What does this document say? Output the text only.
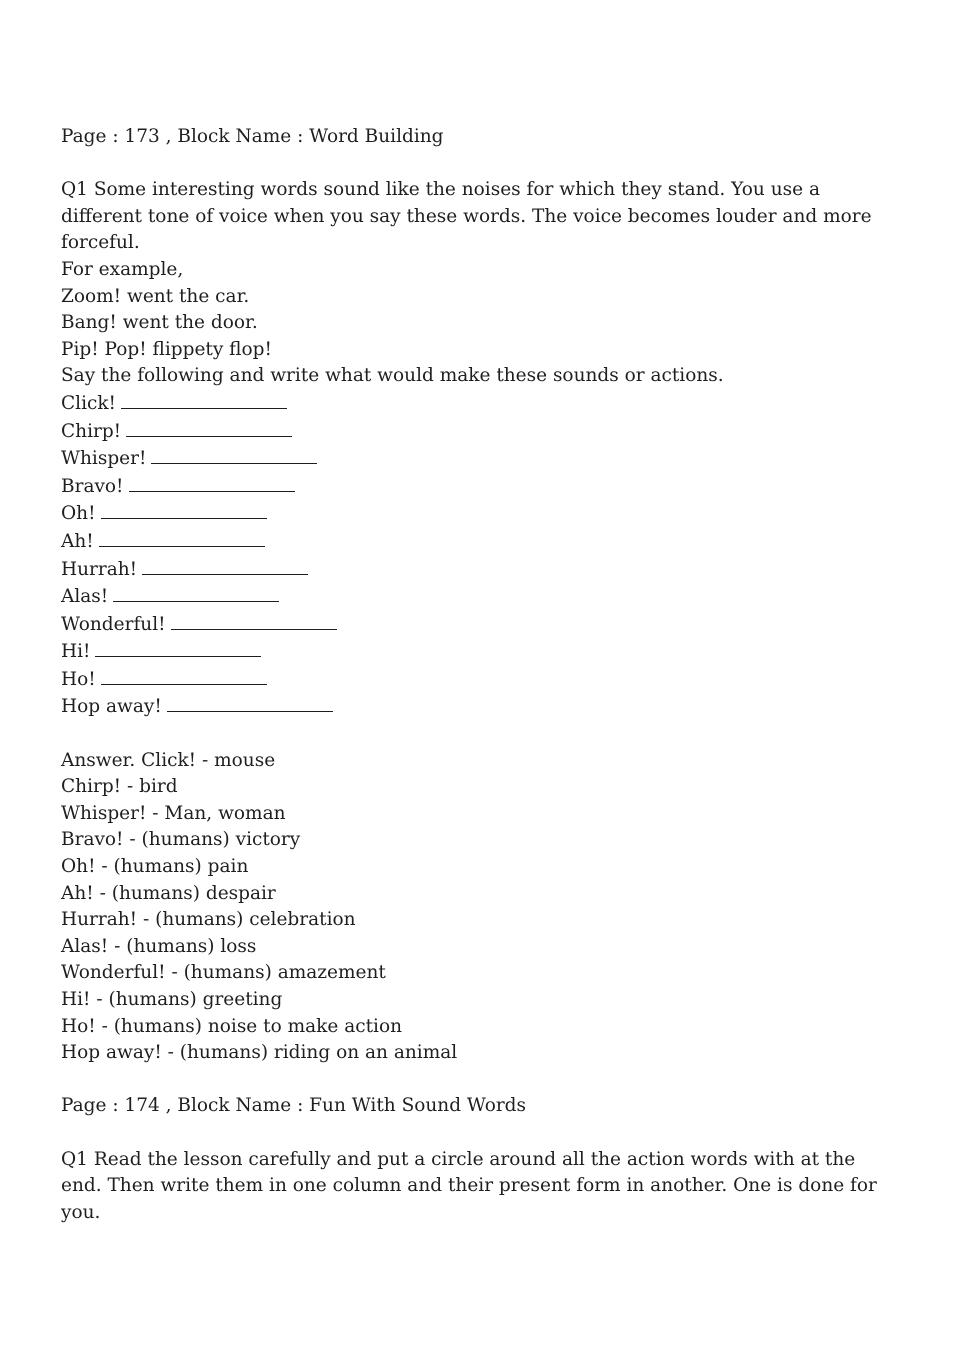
Page : 173 , Block Name : Word Building
Q1 Some interesting words sound like the noises for which they stand. You use a different tone of voice when you say these words. The voice becomes louder and more forceful.
For example,
Zoom! went the car.
Bang! went the door.
Pip! Pop! flippety flop!
Say the following and write what would make these sounds or actions.
Click!
Chirp!
Whisper!
Bravo!
Oh!
Ah!
Hurrah!
Alas!
Wonderful!
Hi!
Ho!
Hop away!
Answer. Click! - mouse
Chirp! - bird
Whisper! - Man, woman
Bravo! - (humans) victory
Oh! - (humans) pain
Ah! - (humans) despair
Hurrah! - (humans) celebration
Alas! - (humans) loss
Wonderful! - (humans) amazement
Hi! - (humans) greeting
Ho! - (humans) noise to make action
Hop away! - (humans) riding on an animal
Page : 174 , Block Name : Fun With Sound Words
Q1 Read the lesson carefully and put a circle around all the action words with at the end. Then write them in one column and their present form in another. One is done for you.
